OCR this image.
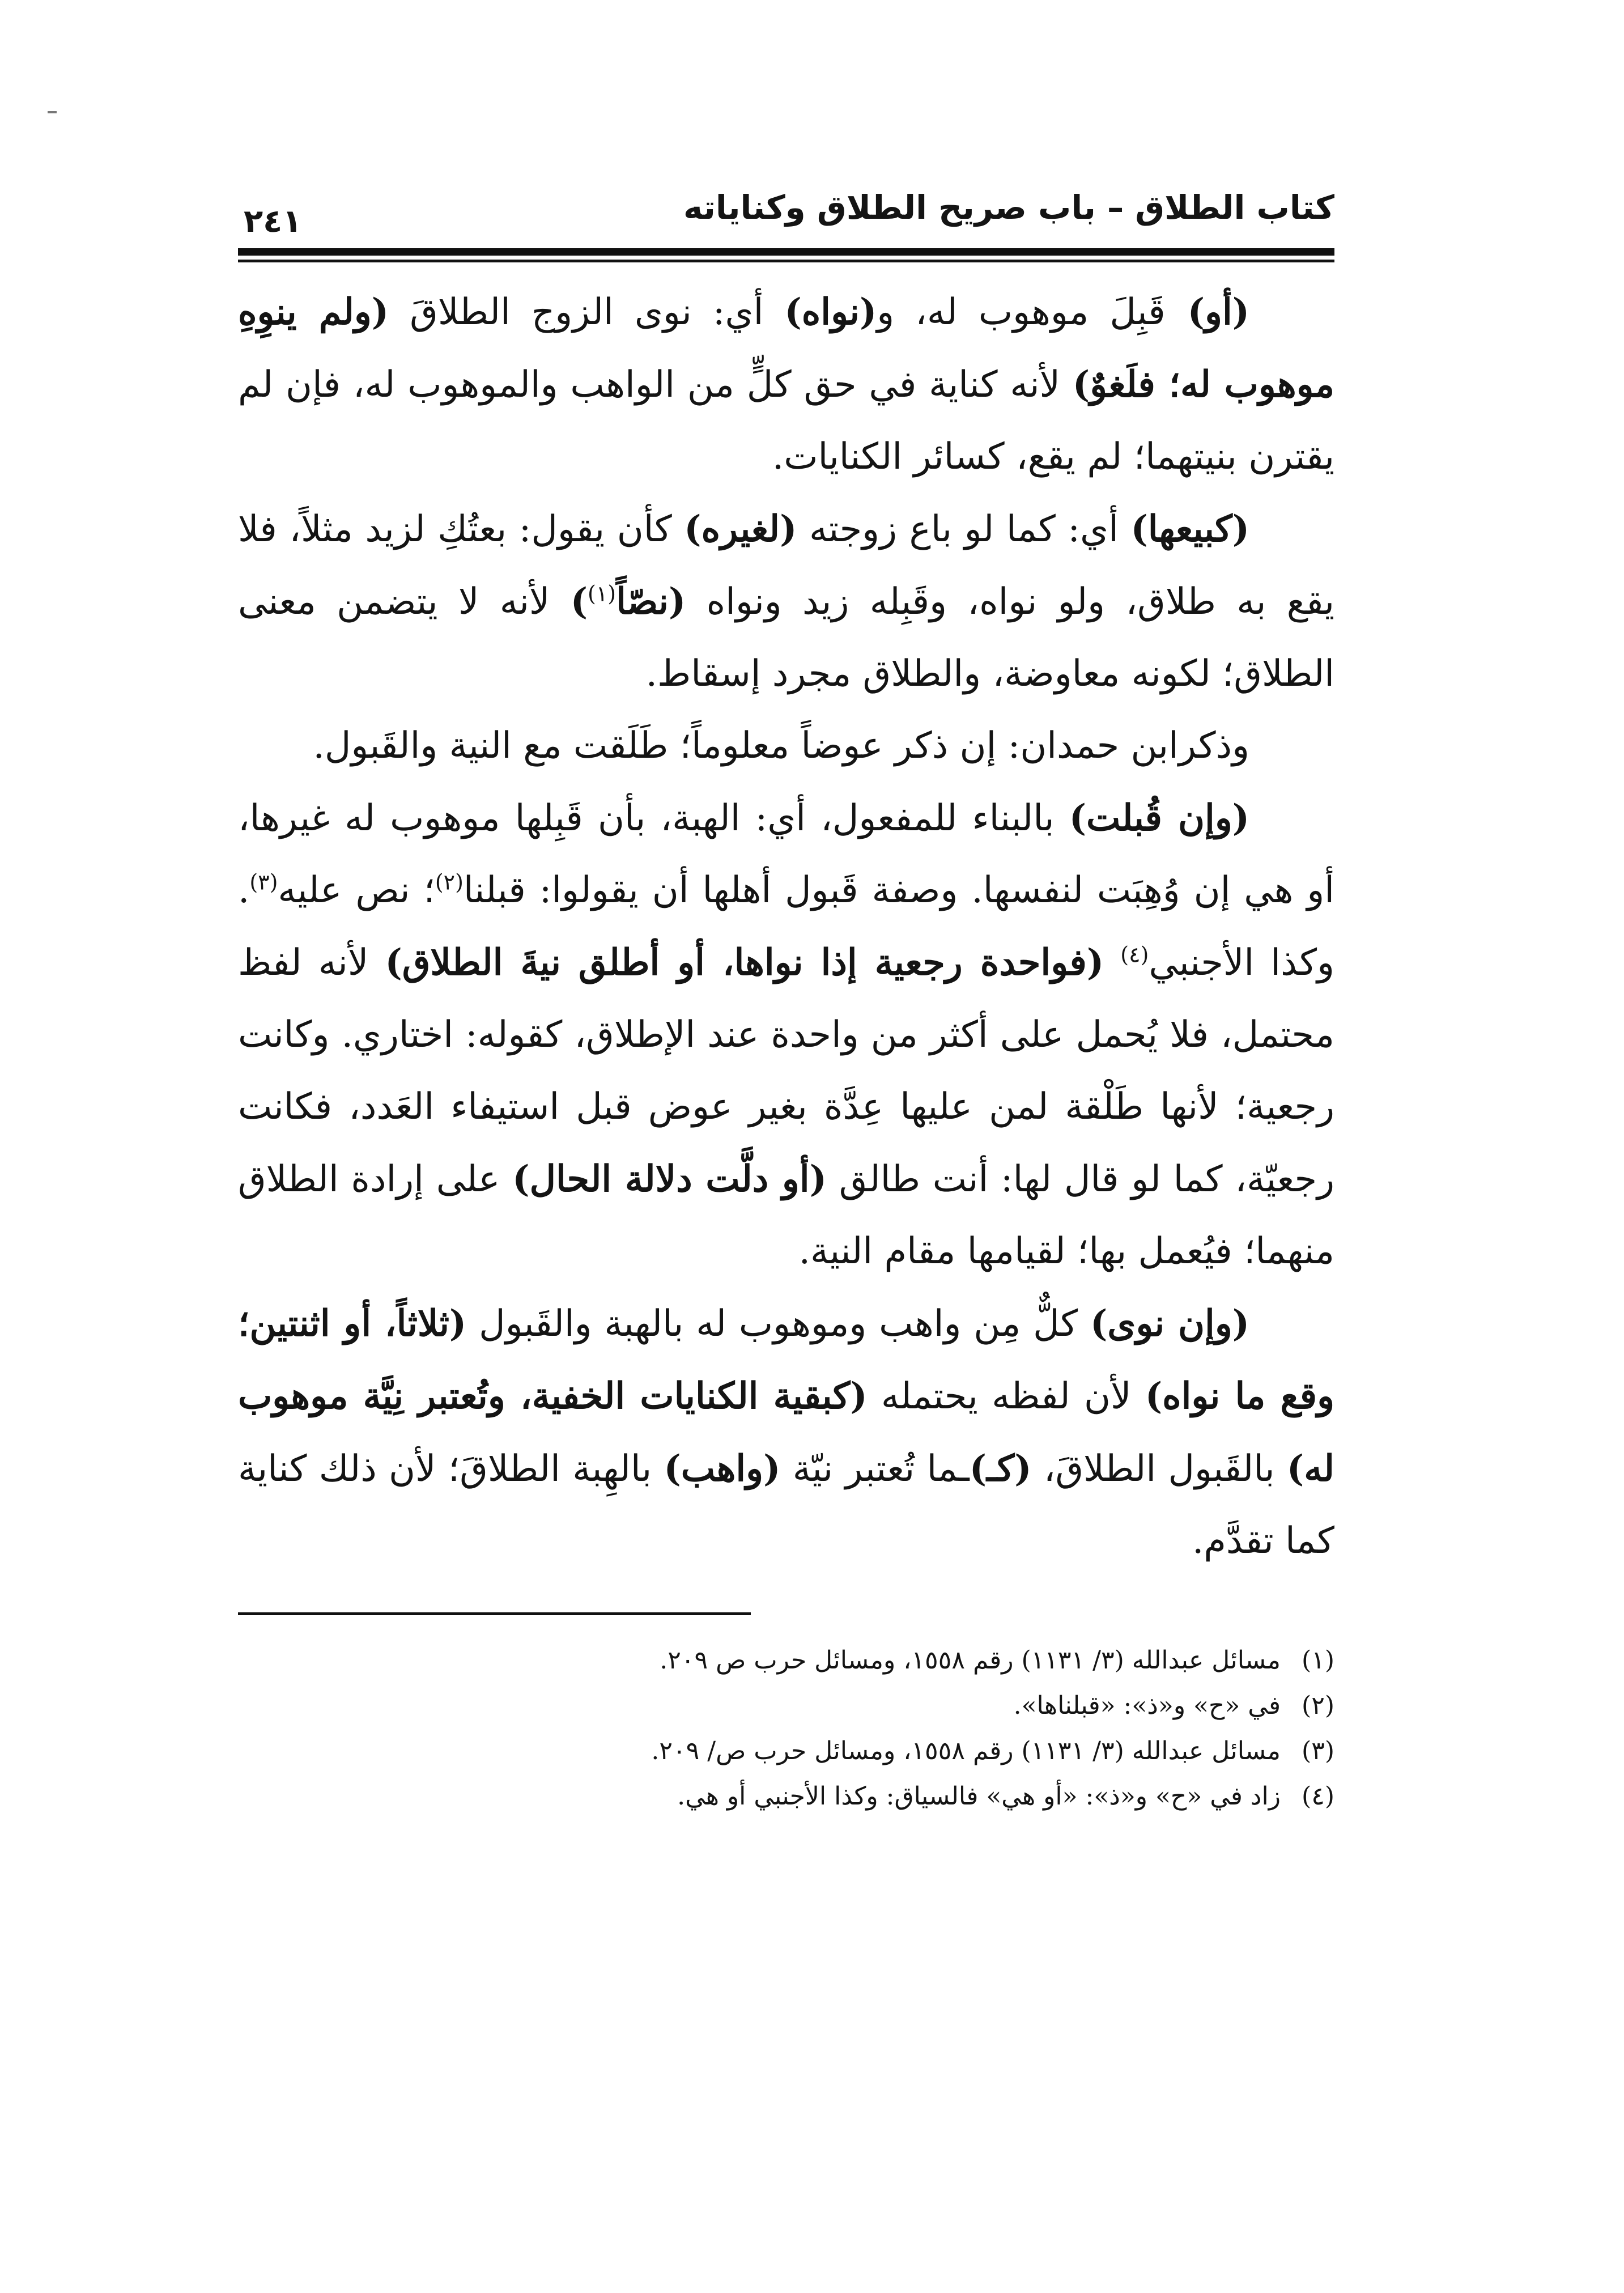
كتاب الطلاق – باب صريح الطلاق وكناياته
٢٤١

(أو) قَبِلَ موهوب له، و(نواه) أي: نوى الزوج الطلاقَ (ولم ينوِهِ موهوب له؛ فلَغوٌ) لأنه كناية في حق كلٍّ من الواهب والموهوب له، فإن لم يقترن بنيتهما؛ لم يقع، كسائر الكنايات.

(كبيعها) أي: كما لو باع زوجته (لغيره) كأن يقول: بعتُكِ لزيد مثلاً، فلا يقع به طلاق، ولو نواه، وقَبِله زيد ونواه (نصّاً$^{(١)}$) لأنه لا يتضمن معنى الطلاق؛ لكونه معاوضة، والطلاق مجرد إسقاط.

وذكرابن حمدان: إن ذكر عوضاً معلوماً؛ طَلَقت مع النية والقَبول.

(وإن قُبلت) بالبناء للمفعول، أي: الهبة، بأن قَبِلها موهوب له غيرها، أو هي إن وُهِبَت لنفسها. وصفة قَبول أهلها أن يقولوا: قبلنا$^{(٢)}$؛ نص عليه$^{(٣)}$. وكذا الأجنبي$^{(٤)}$ (فواحدة رجعية إذا نواها، أو أطلق نيةَ الطلاق) لأنه لفظ محتمل، فلا يُحمل على أكثر من واحدة عند الإطلاق، كقوله: اختاري. وكانت رجعية؛ لأنها طَلْقة لمن عليها عِدَّة بغير عوض قبل استيفاء العَدد، فكانت رجعيّة، كما لو قال لها: أنت طالق (أو دلَّت دلالة الحال) على إرادة الطلاق منهما؛ فيُعمل بها؛ لقيامها مقام النية.

(وإن نوى) كلٌّ مِن واهب وموهوب له بالهبة والقَبول (ثلاثاً، أو اثنتين؛ وقع ما نواه) لأن لفظه يحتمله (كبقية الكنايات الخفية، وتُعتبر نِيَّة موهوب له) بالقَبول الطلاقَ، (كـ)ـما تُعتبر نيّة (واهب) بالهِبة الطلاقَ؛ لأن ذلك كناية كما تقدَّم.

(١)
مسائل عبدالله (٣/ ١١٣١) رقم ١٥٥٨، ومسائل حرب ص ٢٠٩.
(٢)
في «ح» و«ذ»: «قبلناها».
(٣)
مسائل عبدالله (٣/ ١١٣١) رقم ١٥٥٨، ومسائل حرب ص/ ٢٠٩.
(٤)
زاد في «ح» و«ذ»: «أو هي» فالسياق: وكذا الأجنبي أو هي.
